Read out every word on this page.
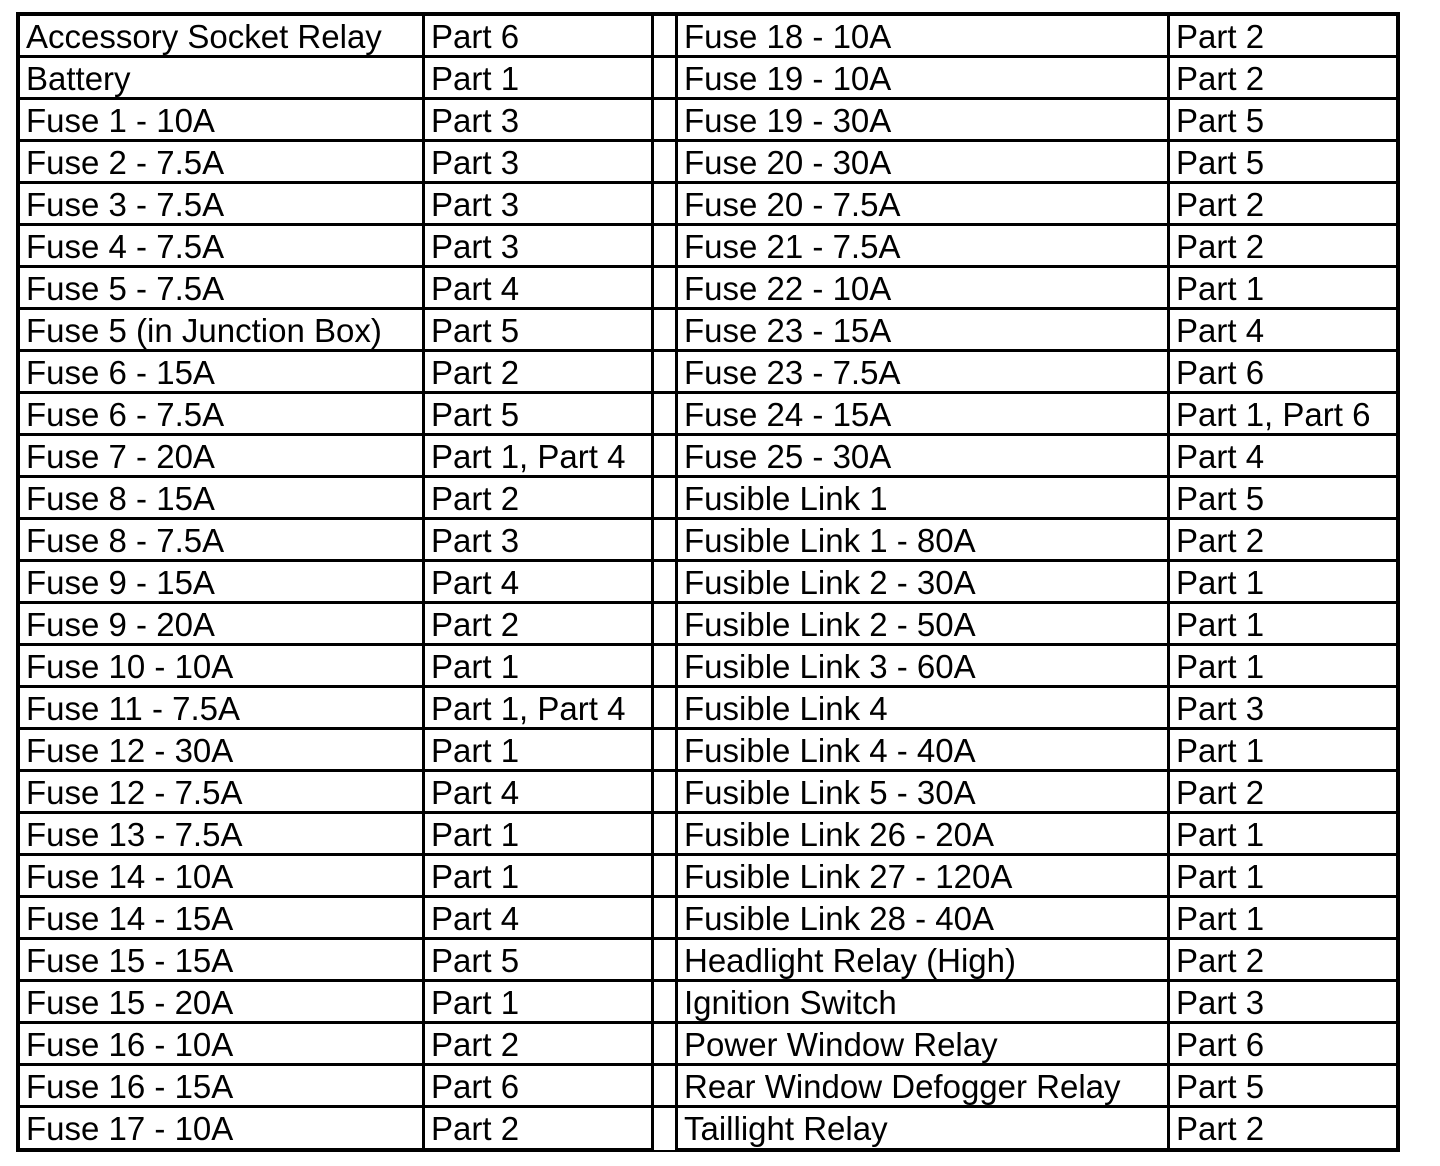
Accessory Socket Relay	Part 6	Fuse 18 - 10A	Part 2
Battery	Part 1	Fuse 19 - 10A	Part 2
Fuse 1 - 10A	Part 3	Fuse 19 - 30A	Part 5
Fuse 2 - 7.5A	Part 3	Fuse 20 - 30A	Part 5
Fuse 3 - 7.5A	Part 3	Fuse 20 - 7.5A	Part 2
Fuse 4 - 7.5A	Part 3	Fuse 21 - 7.5A	Part 2
Fuse 5 - 7.5A	Part 4	Fuse 22 - 10A	Part 1
Fuse 5 (in Junction Box)	Part 5	Fuse 23 - 15A	Part 4
Fuse 6 - 15A	Part 2	Fuse 23 - 7.5A	Part 6
Fuse 6 - 7.5A	Part 5	Fuse 24 - 15A	Part 1, Part 6
Fuse 7 - 20A	Part 1, Part 4	Fuse 25 - 30A	Part 4
Fuse 8 - 15A	Part 2	Fusible Link 1	Part 5
Fuse 8 - 7.5A	Part 3	Fusible Link 1 - 80A	Part 2
Fuse 9 - 15A	Part 4	Fusible Link 2 - 30A	Part 1
Fuse 9 - 20A	Part 2	Fusible Link 2 - 50A	Part 1
Fuse 10 - 10A	Part 1	Fusible Link 3 - 60A	Part 1
Fuse 11 - 7.5A	Part 1, Part 4	Fusible Link 4	Part 3
Fuse 12 - 30A	Part 1	Fusible Link 4 - 40A	Part 1
Fuse 12 - 7.5A	Part 4	Fusible Link 5 - 30A	Part 2
Fuse 13 - 7.5A	Part 1	Fusible Link 26 - 20A	Part 1
Fuse 14 - 10A	Part 1	Fusible Link 27 - 120A	Part 1
Fuse 14 - 15A	Part 4	Fusible Link 28 - 40A	Part 1
Fuse 15 - 15A	Part 5	Headlight Relay (High)	Part 2
Fuse 15 - 20A	Part 1	Ignition Switch	Part 3
Fuse 16 - 10A	Part 2	Power Window Relay	Part 6
Fuse 16 - 15A	Part 6	Rear Window Defogger Relay	Part 5
Fuse 17 - 10A	Part 2	Taillight Relay	Part 2
